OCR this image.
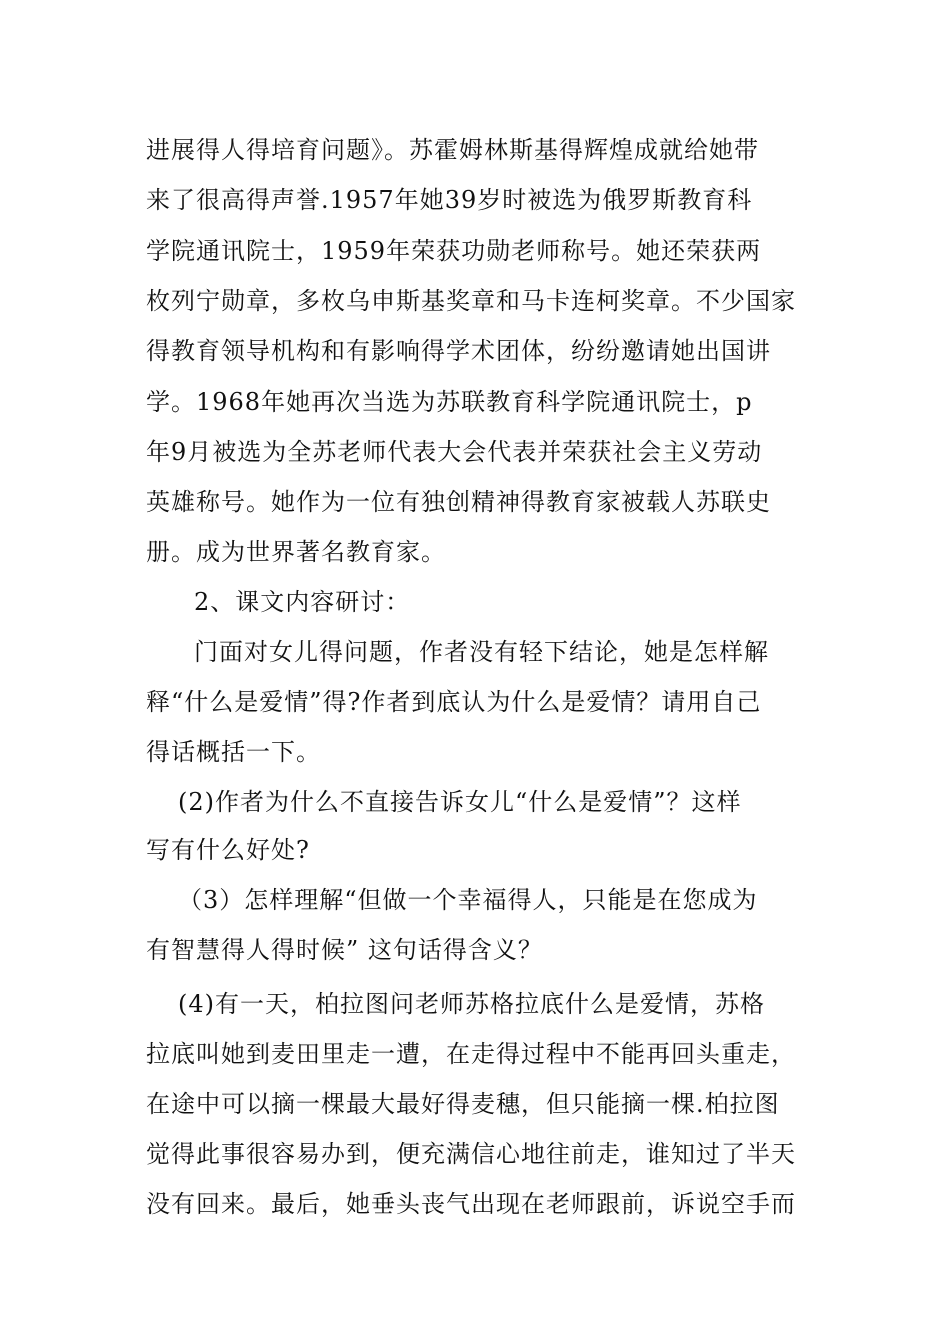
进展得人得培育问题》。苏霍姆林斯基得辉煌成就给她带
来了很高得声誉.1957年她39岁时被选为俄罗斯教育科
学院通讯院士，1959年荣获功勋老师称号。她还荣获两
枚列宁勋章，多枚乌申斯基奖章和马卡连柯奖章。不少国家
得教育领导机构和有影响得学术团体，纷纷邀请她出国讲
学。1968年她再次当选为苏联教育科学院通讯院士，p
年9月被选为全苏老师代表大会代表并荣获社会主义劳动
英雄称号。她作为一位有独创精神得教育家被载人苏联史
册。成为世界著名教育家。
2、课文内容研讨：
门面对女儿得问题，作者没有轻下结论，她是怎样解
释“什么是爱情”得?作者到底认为什么是爱情？请用自己
得话概括一下。
(2)作者为什么不直接告诉女儿“什么是爱情”？这样
写有什么好处?
（3）怎样理解“但做一个幸福得人，只能是在您成为
有智慧得人得时候” 这句话得含义？
(4)有一天，柏拉图问老师苏格拉底什么是爱情，苏格
拉底叫她到麦田里走一遭，在走得过程中不能再回头重走，
在途中可以摘一棵最大最好得麦穗，但只能摘一棵.柏拉图
觉得此事很容易办到，便充满信心地往前走，谁知过了半天
没有回来。最后，她垂头丧气出现在老师跟前，诉说空手而
